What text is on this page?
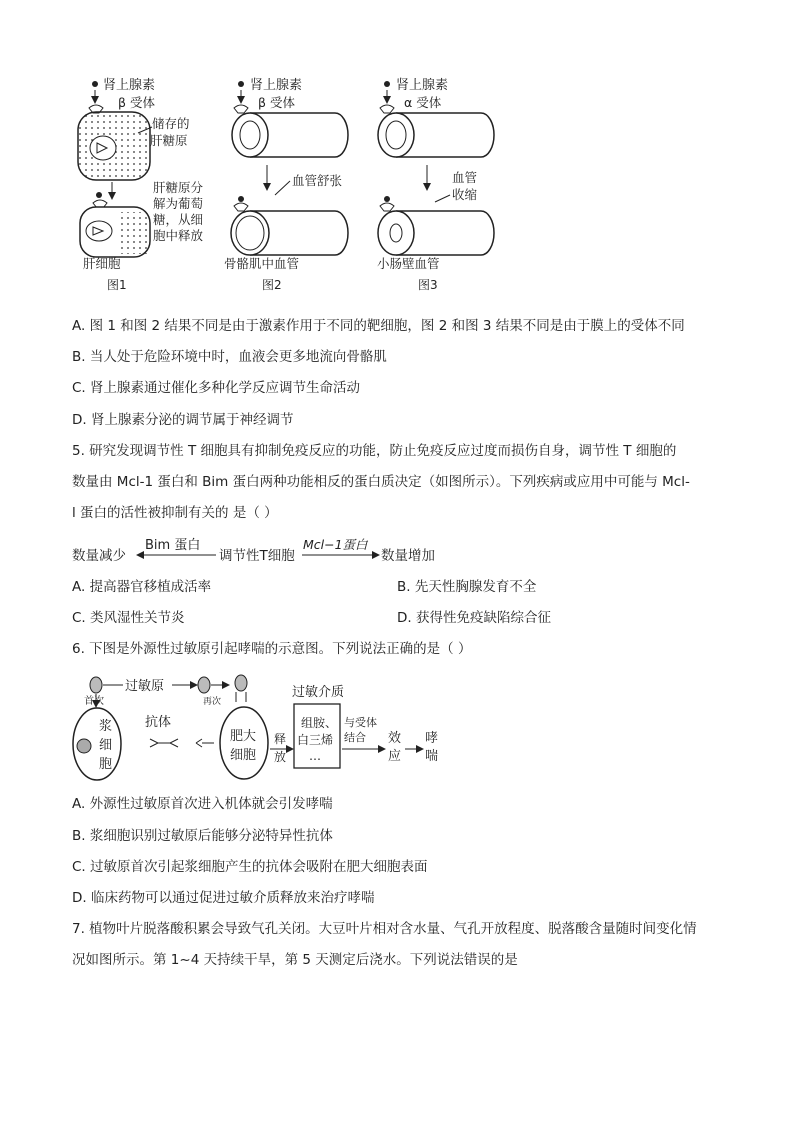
肾上腺素
β 受体
储存的
肝糖原
肝糖原分
解为葡萄
糖，从细
胞中释放
肝细胞
图1
肾上腺素
β 受体
血管舒张
骨骼肌中血管
图2
肾上腺素
α 受体
血管
收缩
小肠壁血管
图3
A. 图 1 和图 2 结果不同是由于激素作用于不同的靶细胞，图 2 和图 3 结果不同是由于膜上的受体不同
B. 当人处于危险环境中时，血液会更多地流向骨骼肌
C. 肾上腺素通过催化多种化学反应调节生命活动
D. 肾上腺素分泌的调节属于神经调节
5. 研究发现调节性 T 细胞具有抑制免疫反应的功能，防止免疫反应过度而损伤自身，调节性 T 细胞的
数量由 Mcl-1 蛋白和 Bim 蛋白两种功能相反的蛋白质决定（如图所示）。下列疾病或应用中可能与 Mcl-
l 蛋白的活性被抑制有关的 是（ ）
数量减少
Bim 蛋白
调节性T细胞
Mcl−1蛋白
数量增加
A. 提高器官移植成活率	B. 先天性胸腺发育不全
C. 类风湿性关节炎	D. 获得性免疫缺陷综合征
6. 下图是外源性过敏原引起哮喘的示意图。下列说法正确的是（ ）
首次
过敏原
再次
浆
细
胞
抗体
肥大
细胞
释
放
过敏介质
组胺、
白三烯
…
与受体
结合 效
应
哮
喘
A. 外源性过敏原首次进入机体就会引发哮喘
B. 浆细胞识别过敏原后能够分泌特异性抗体
C. 过敏原首次引起浆细胞产生的抗体会吸附在肥大细胞表面
D. 临床药物可以通过促进过敏介质释放来治疗哮喘
7. 植物叶片脱落酸积累会导致气孔关闭。大豆叶片相对含水量、气孔开放程度、脱落酸含量随时间变化情
况如图所示。第 1~4 天持续干旱，第 5 天测定后浇水。下列说法错误的是
